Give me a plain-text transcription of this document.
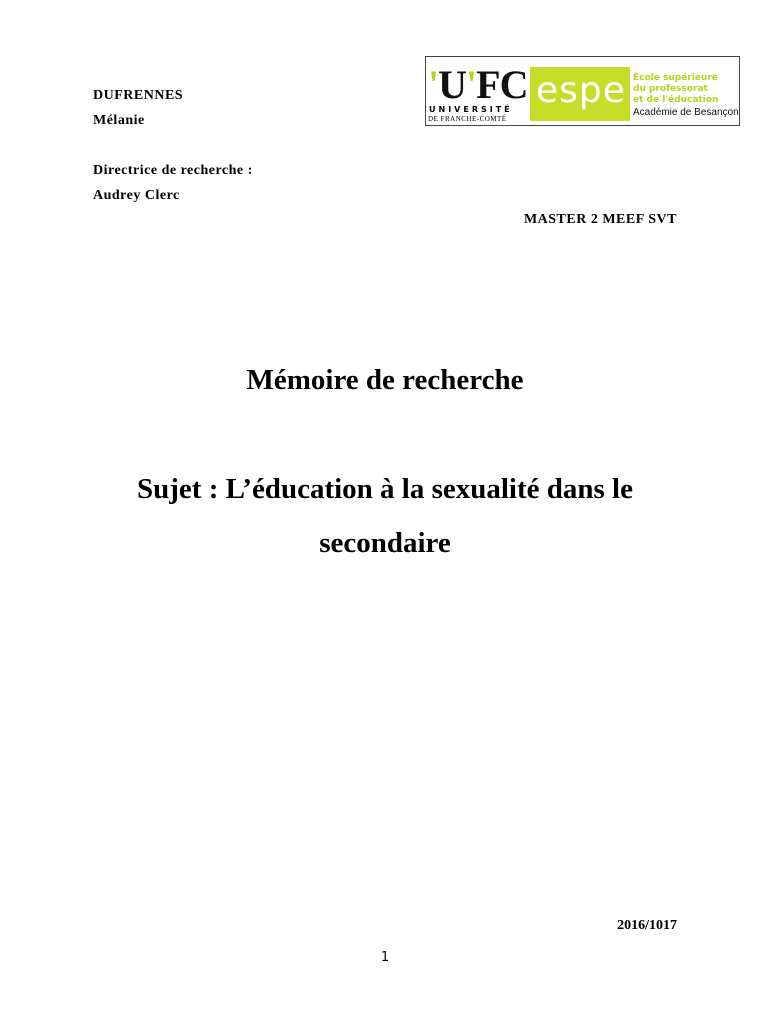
DUFRENNES
Mélanie
Directrice de recherche :
Audrey Clerc
MASTER 2 MEEF SVT
'U'FC
UNIVERSITÉ
DE FRANCHE-COMTÉ
espe École supérieure
du professorat
et de l'éducation
Académie de Besançon
Mémoire de recherche
Sujet : L’éducation à la sexualité dans le
secondaire
2016/1017
1
